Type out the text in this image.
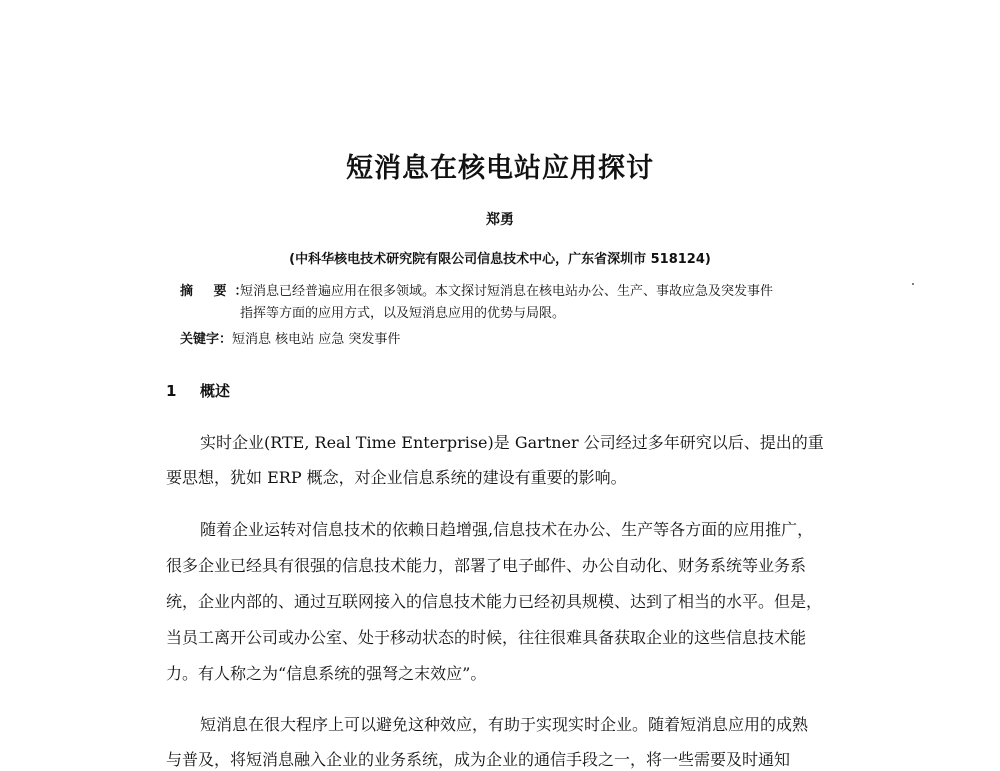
短消息在核电站应用探讨
郑勇
(中科华核电技术研究院有限公司信息技术中心，广东省深圳市 518124)
摘 要：短消息已经普遍应用在很多领域。本文探讨短消息在核电站办公、生产、事故应急及突发事件
指挥等方面的应用方式，以及短消息应用的优势与局限。
关键字：短消息 核电站 应急 突发事件
1 概述
实时企业(RTE, Real Time Enterprise)是 Gartner 公司经过多年研究以后、提出的重
要思想，犹如 ERP 概念，对企业信息系统的建设有重要的影响。
随着企业运转对信息技术的依赖日趋增强,信息技术在办公、生产等各方面的应用推广，
很多企业已经具有很强的信息技术能力，部署了电子邮件、办公自动化、财务系统等业务系
统，企业内部的、通过互联网接入的信息技术能力已经初具规模、达到了相当的水平。但是，
当员工离开公司或办公室、处于移动状态的时候，往往很难具备获取企业的这些信息技术能
力。有人称之为“信息系统的强弩之末效应”。
短消息在很大程序上可以避免这种效应，有助于实现实时企业。随着短消息应用的成熟
与普及，将短消息融入企业的业务系统，成为企业的通信手段之一，将一些需要及时通知
